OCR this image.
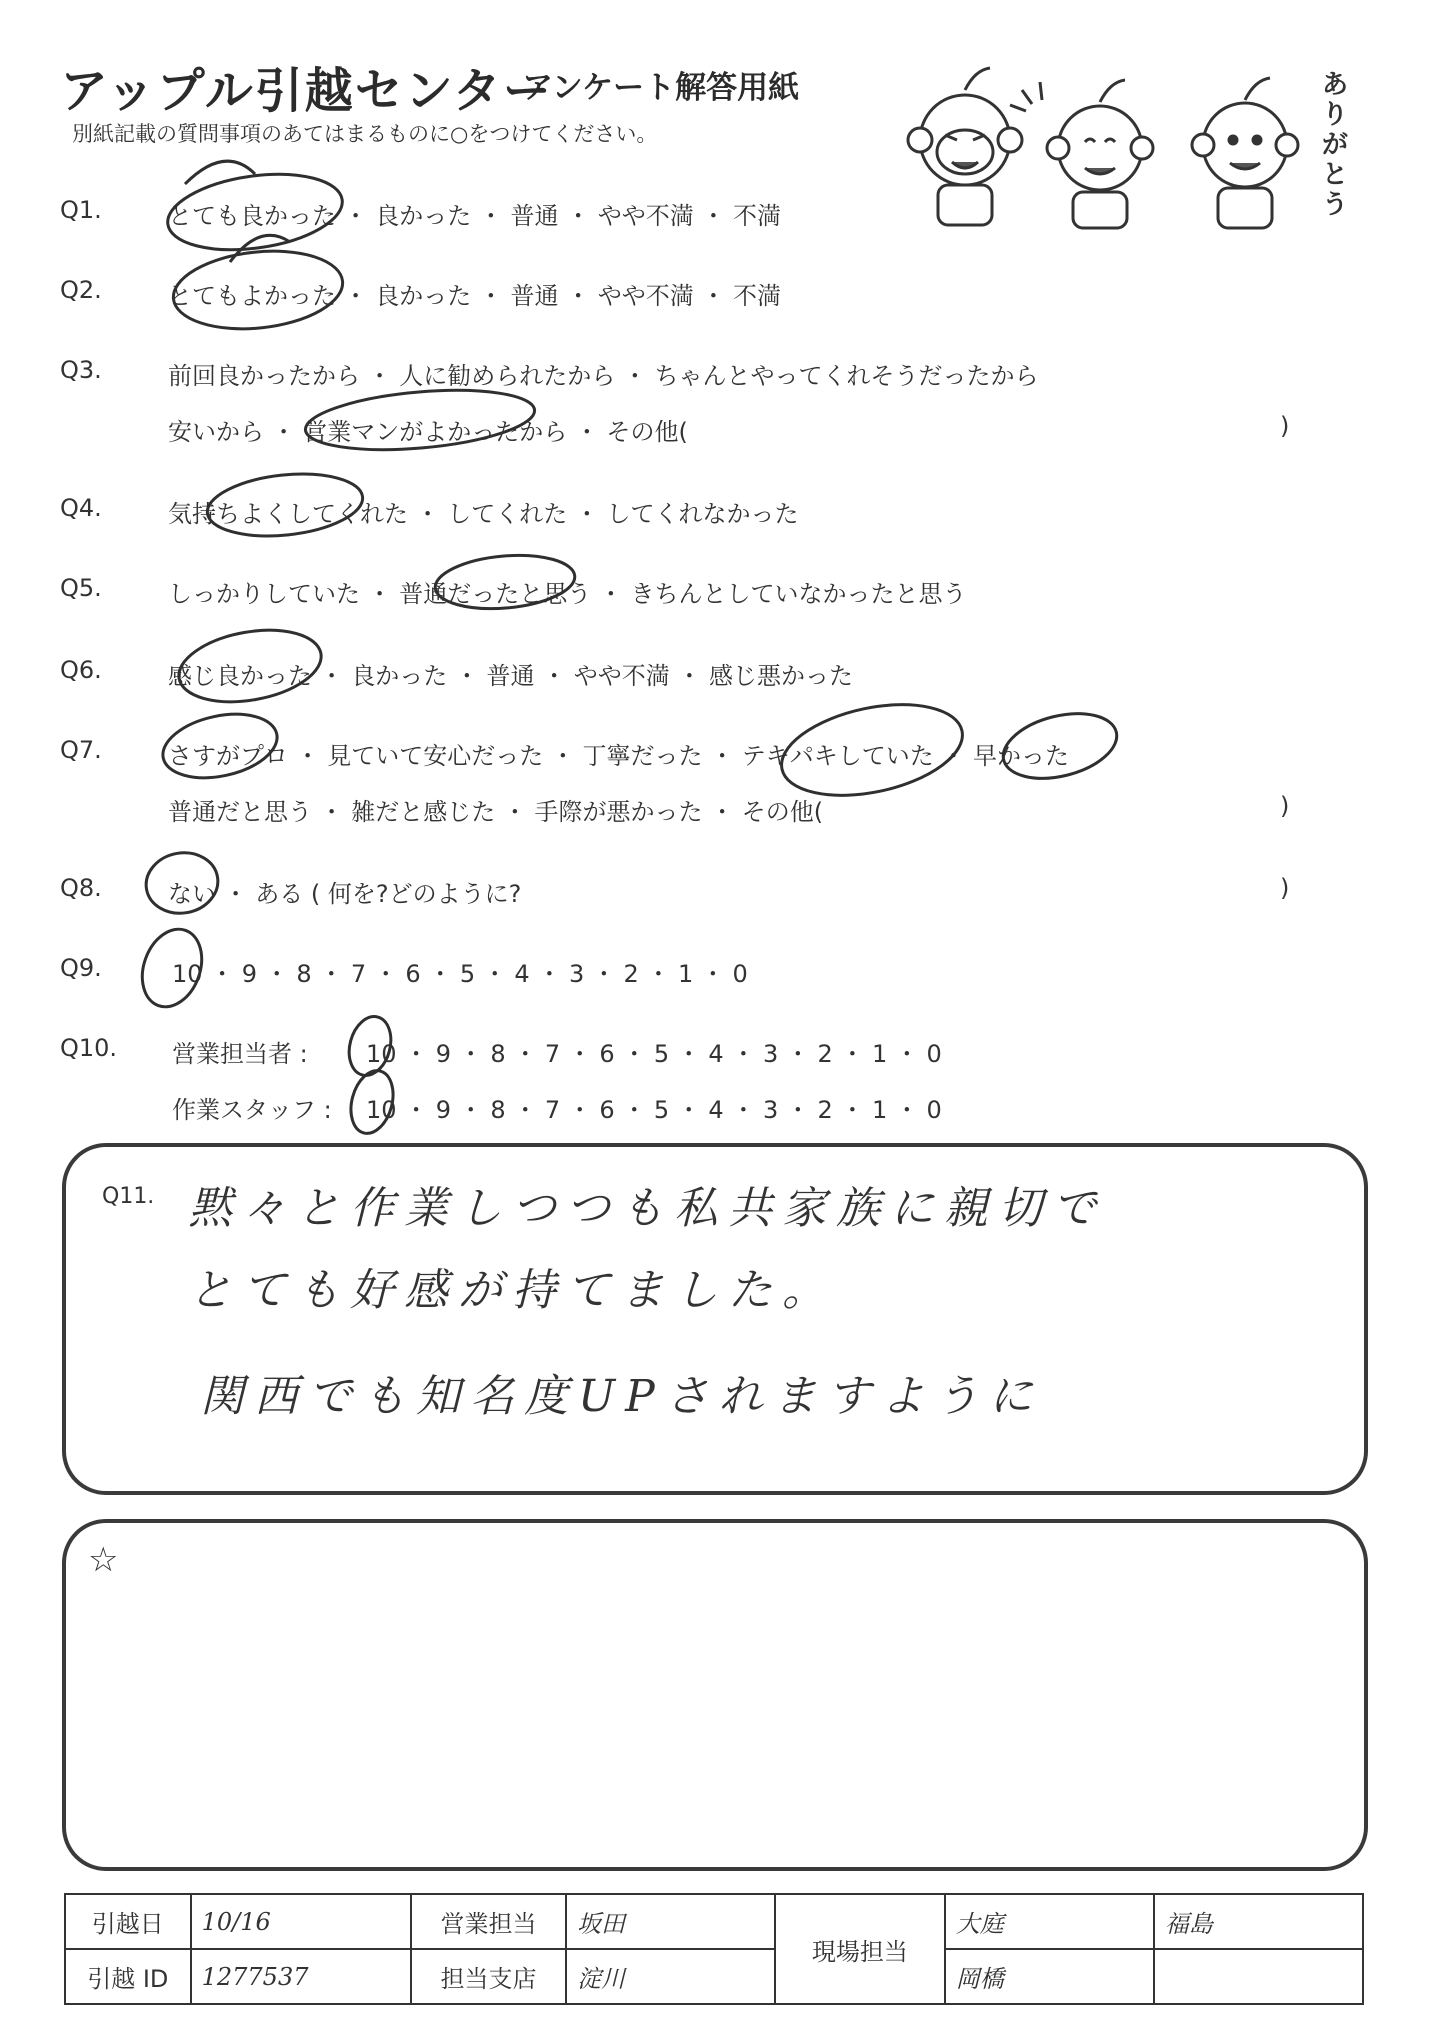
アップル引越センター
アンケート解答用紙
別紙記載の質問事項のあてはまるものに○をつけてください。
ありがとう
Q1.	とても良かった ・ 良かった ・ 普通 ・ やや不満 ・ 不満
Q2.	とてもよかった ・ 良かった ・ 普通 ・ やや不満 ・ 不満
Q3.	前回良かったから ・ 人に勧められたから ・ ちゃんとやってくれそうだったから
安いから ・ 営業マンがよかったから ・ その他(	)
Q4.	気持ちよくしてくれた ・ してくれた ・ してくれなかった
Q5.	しっかりしていた ・ 普通だったと思う ・ きちんとしていなかったと思う
Q6.	感じ良かった ・ 良かった ・ 普通 ・ やや不満 ・ 感じ悪かった
Q7.	さすがプロ ・ 見ていて安心だった ・ 丁寧だった ・ テキパキしていた ・ 早かった
普通だと思う ・ 雑だと感じた ・ 手際が悪かった ・ その他(	)
Q8.	ない ・ ある ( 何を?どのように?	)
Q9.	10 ・ 9 ・ 8 ・ 7 ・ 6 ・ 5 ・ 4 ・ 3 ・ 2 ・ 1 ・ 0
Q10. 営業担当者 : 10 ・ 9 ・ 8 ・ 7 ・ 6 ・ 5 ・ 4 ・ 3 ・ 2 ・ 1 ・ 0
作業スタッフ : 10 ・ 9 ・ 8 ・ 7 ・ 6 ・ 5 ・ 4 ・ 3 ・ 2 ・ 1 ・ 0
Q11. 黙々と作業しつつも私共家族に親切で
とても好感が持てました。
関西でも知名度UPされますように
☆
引越日	10/16	営業担当	坂田	現場担当	大庭	福島
引越 ID	1277537	担当支店	淀川		岡橋	
